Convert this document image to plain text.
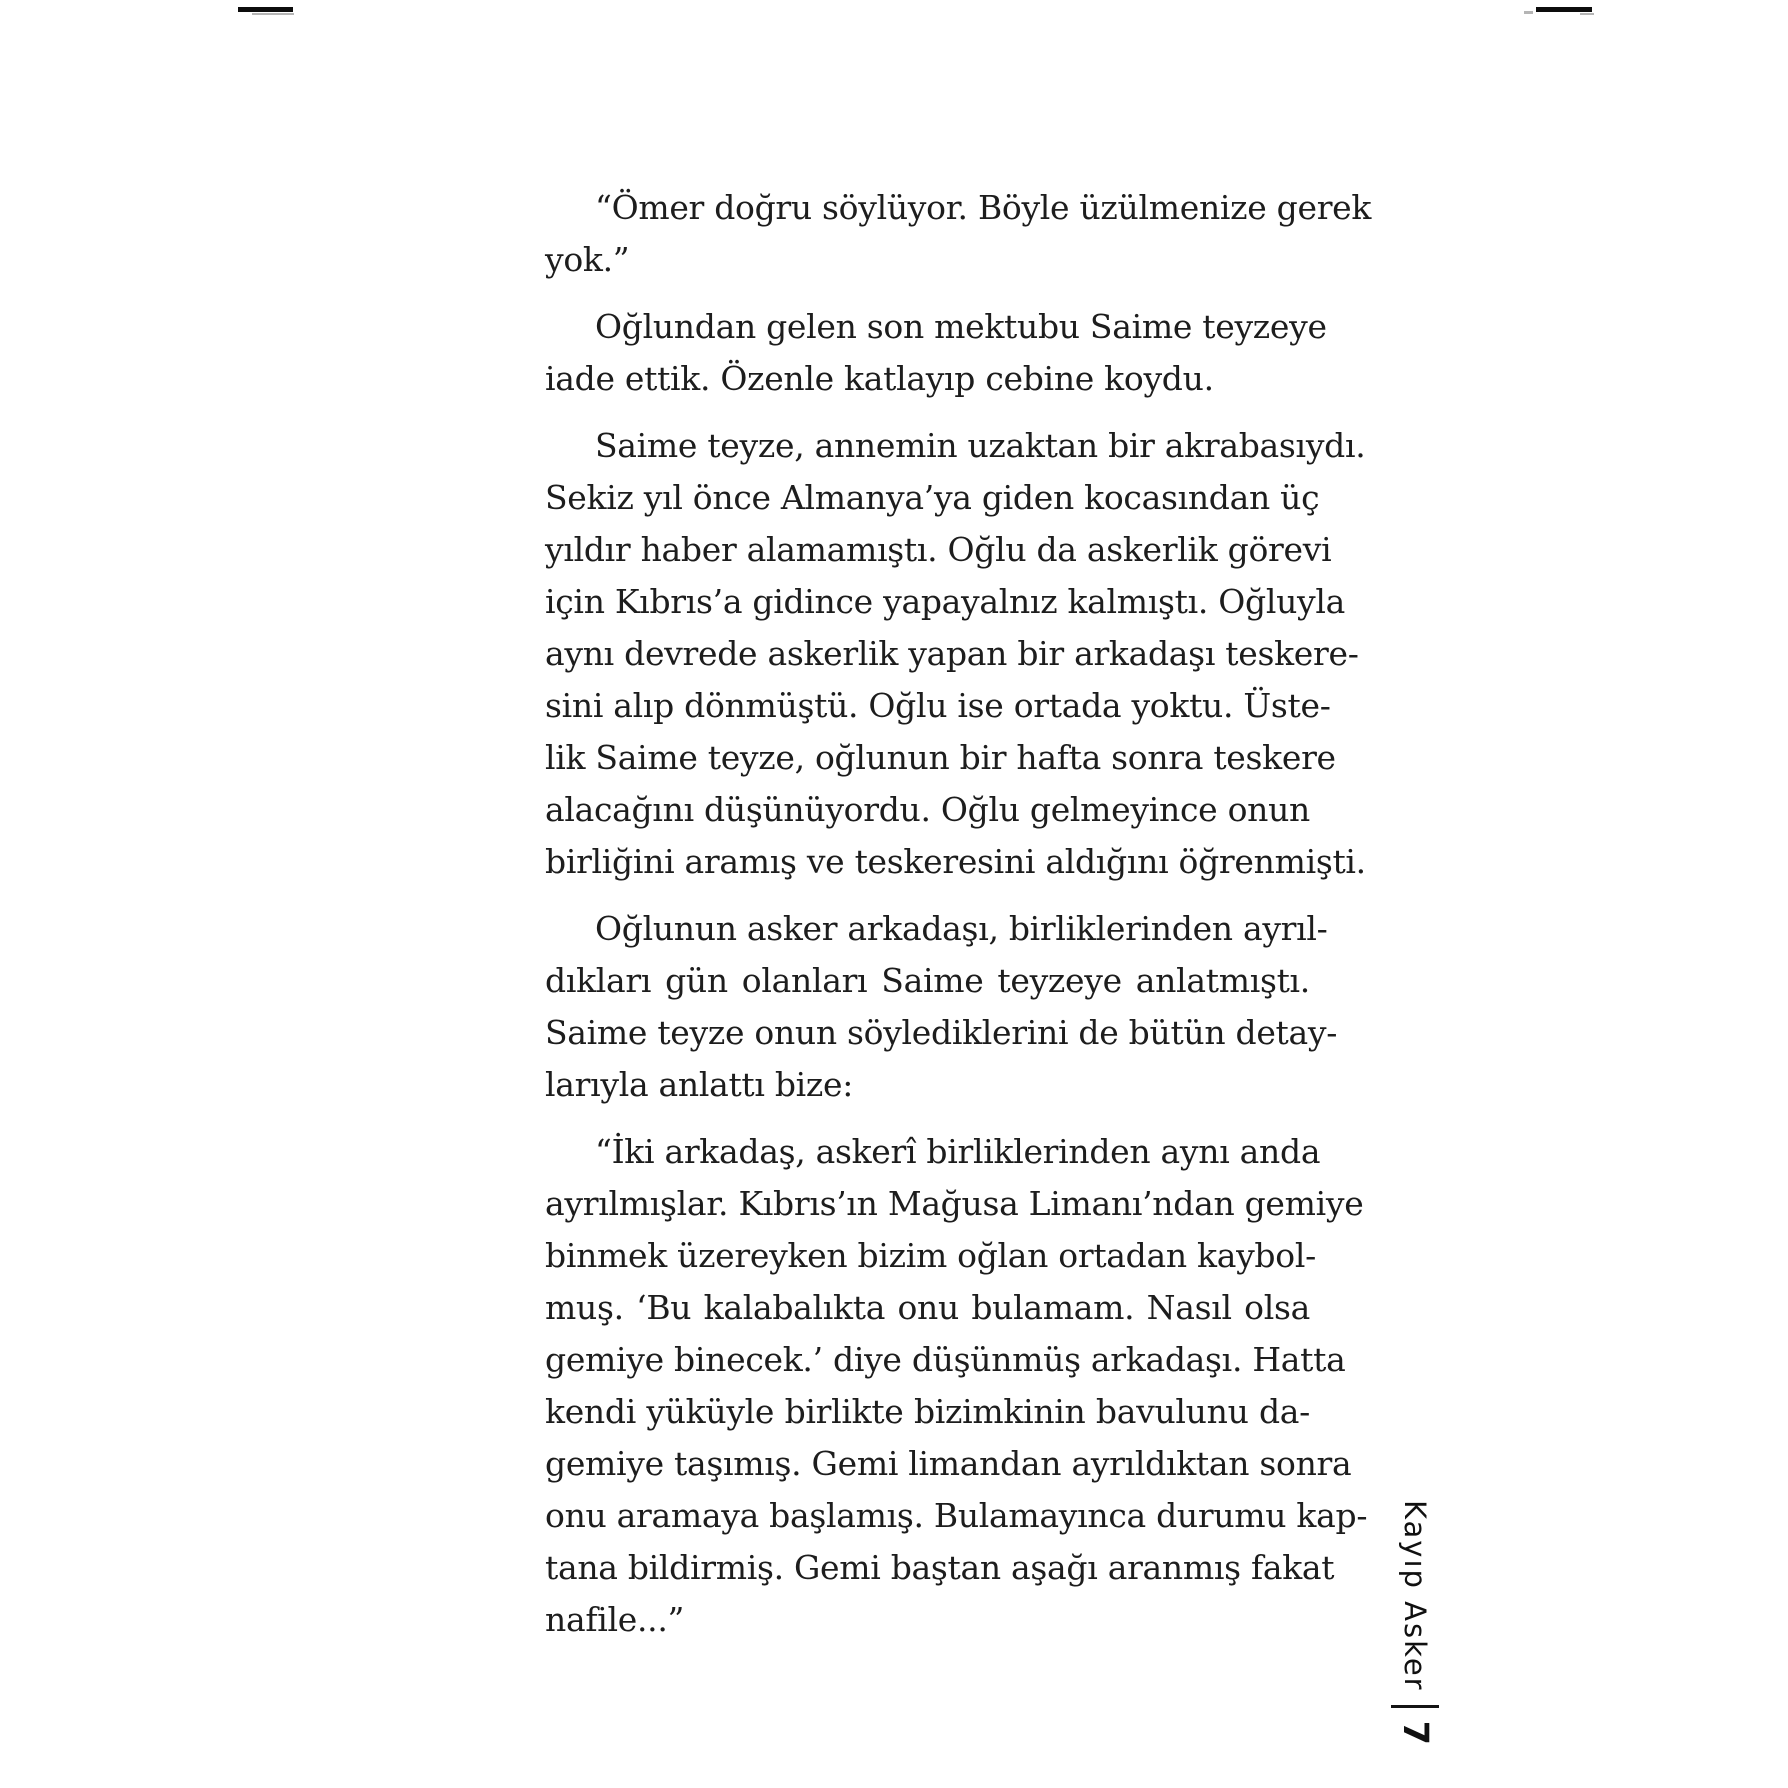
“Ömer doğru söylüyor. Böyle üzülmenize gerek
yok.”
Oğlundan gelen son mektubu Saime teyzeye
iade ettik. Özenle katlayıp cebine koydu.
Saime teyze, annemin uzaktan bir akrabasıydı.
Sekiz yıl önce Almanya’ya giden kocasından üç
yıldır haber alamamıştı. Oğlu da askerlik görevi
için Kıbrıs’a gidince yapayalnız kalmıştı. Oğluyla
aynı devrede askerlik yapan bir arkadaşı teskere-
sini alıp dönmüştü. Oğlu ise ortada yoktu. Üste-
lik Saime teyze, oğlunun bir hafta sonra teskere
alacağını düşünüyordu. Oğlu gelmeyince onun
birliğini aramış ve teskeresini aldığını öğrenmişti.
Oğlunun asker arkadaşı, birliklerinden ayrıl-
dıkları gün olanları Saime teyzeye anlatmıştı.
Saime teyze onun söylediklerini de bütün detay-
larıyla anlattı bize:
“İki arkadaş, askerî birliklerinden aynı anda
ayrılmışlar. Kıbrıs’ın Mağusa Limanı’ndan gemiye
binmek üzereyken bizim oğlan ortadan kaybol-
muş. ‘Bu kalabalıkta onu bulamam. Nasıl olsa
gemiye binecek.’ diye düşünmüş arkadaşı. Hatta
kendi yüküyle birlikte bizimkinin bavulunu da-
gemiye taşımış. Gemi limandan ayrıldıktan sonra
onu aramaya başlamış. Bulamayınca durumu kap-
tana bildirmiş. Gemi baştan aşağı aranmış fakat
nafile...”	Kayıp Asker
7
